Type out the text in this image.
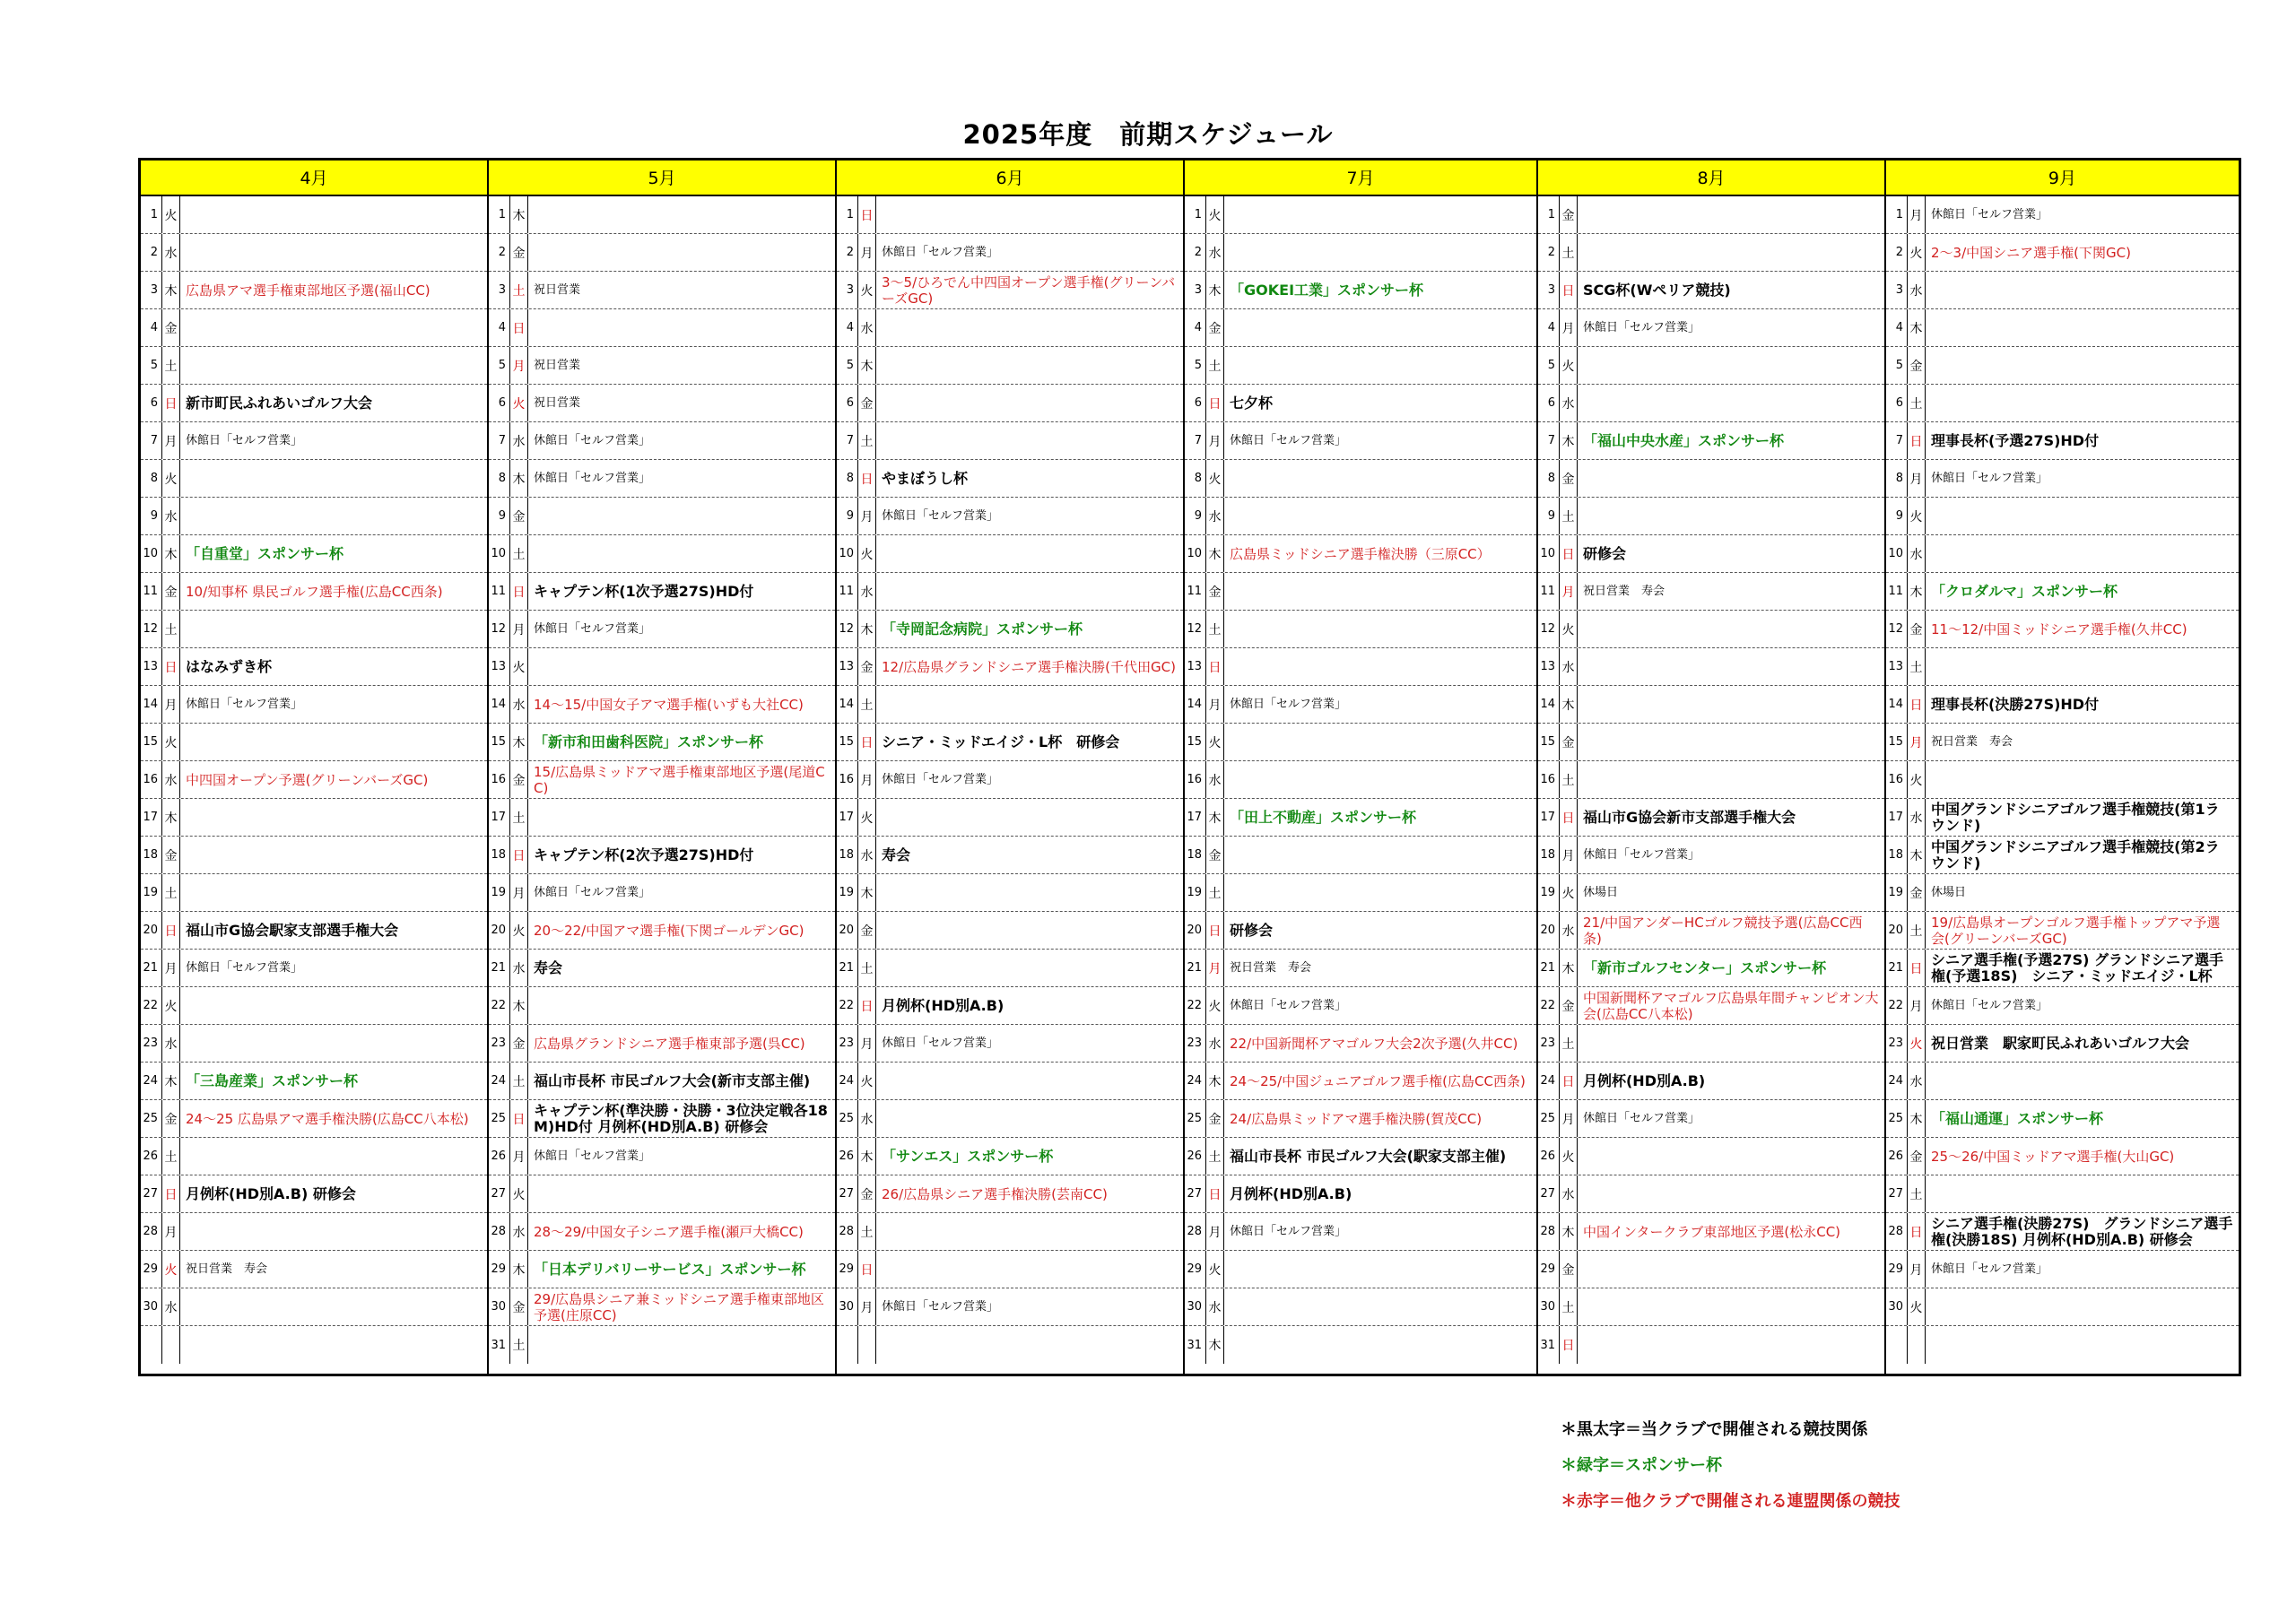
2025年度　前期スケジュール
4月
1 火
2 水
3 木 広島県アマ選手権東部地区予選(福山CC)
4 金
5 土
6 日 新市町民ふれあいゴルフ大会
7 月 休館日「セルフ営業」
8 火
9 水
10 木 「自重堂」スポンサー杯
11 金 10/知事杯 県民ゴルフ選手権(広島CC西条)
12 土
13 日 はなみずき杯
14 月 休館日「セルフ営業」
15 火
16 水 中四国オープン予選(グリーンバーズGC)
17 木
18 金
19 土
20 日 福山市G協会駅家支部選手権大会
21 月 休館日「セルフ営業」
22 火
23 水
24 木 「三島産業」スポンサー杯
25 金 24～25 広島県アマ選手権決勝(広島CC八本松)
26 土
27 日 月例杯(HD別A.B) 研修会
28 月
29 火 祝日営業　寿会
30 水
5月
1 木
2 金
3 土 祝日営業
4 日
5 月 祝日営業
6 火 祝日営業
7 水 休館日「セルフ営業」
8 木 休館日「セルフ営業」
9 金
10 土
11 日 キャプテン杯(1次予選27S)HD付
12 月 休館日「セルフ営業」
13 火
14 水 14～15/中国女子アマ選手権(いずも大社CC)
15 木 「新市和田歯科医院」スポンサー杯
16 金
15/広島県ミッドアマ選手権東部地区予選(尾道CC)
17 土
18 日 キャプテン杯(2次予選27S)HD付
19 月 休館日「セルフ営業」
20 火 20～22/中国アマ選手権(下関ゴールデンGC)
21 水 寿会
22 木
23 金 広島県グランドシニア選手権東部予選(呉CC)
24 土 福山市長杯 市民ゴルフ大会(新市支部主催)
25 日
キャプテン杯(準決勝・決勝・3位決定戦各18M)HD付 月例杯(HD別A.B) 研修会
26 月 休館日「セルフ営業」
27 火
28 水 28～29/中国女子シニア選手権(瀬戸大橋CC)
29 木 「日本デリバリーサービス」スポンサー杯
30 金
29/広島県シニア兼ミッドシニア選手権東部地区予選(庄原CC)
31 土
6月
1 日
2 月 休館日「セルフ営業」
3 火
3～5/ひろでん中四国オープン選手権(グリーンバーズGC)
4 水
5 木
6 金
7 土
8 日 やまぼうし杯
9 月 休館日「セルフ営業」
10 火
11 水
12 木 「寺岡記念病院」スポンサー杯
13 金 12/広島県グランドシニア選手権決勝(千代田GC)
14 土
15 日 シニア・ミッドエイジ・L杯　研修会
16 月 休館日「セルフ営業」
17 火
18 水 寿会
19 木
20 金
21 土
22 日 月例杯(HD別A.B)
23 月 休館日「セルフ営業」
24 火
25 水
26 木 「サンエス」スポンサー杯
27 金 26/広島県シニア選手権決勝(芸南CC)
28 土
29 日
30 月 休館日「セルフ営業」
7月
1 火
2 水
3 木 「GOKEI工業」スポンサー杯
4 金
5 土
6 日 七夕杯
7 月 休館日「セルフ営業」
8 火
9 水
10 木 広島県ミッドシニア選手権決勝（三原CC）
11 金
12 土
13 日
14 月 休館日「セルフ営業」
15 火
16 水
17 木 「田上不動産」スポンサー杯
18 金
19 土
20 日 研修会
21 月 祝日営業　寿会
22 火 休館日「セルフ営業」
23 水 22/中国新聞杯アマゴルフ大会2次予選(久井CC)
24 木 24～25/中国ジュニアゴルフ選手権(広島CC西条)
25 金 24/広島県ミッドアマ選手権決勝(賀茂CC)
26 土 福山市長杯 市民ゴルフ大会(駅家支部主催)
27 日 月例杯(HD別A.B)
28 月 休館日「セルフ営業」
29 火
30 水
31 木
8月
1 金
2 土
3 日 SCG杯(Wペリア競技)
4 月 休館日「セルフ営業」
5 火
6 水
7 木 「福山中央水産」スポンサー杯
8 金
9 土
10 日 研修会
11 月 祝日営業　寿会
12 火
13 水
14 木
15 金
16 土
17 日 福山市G協会新市支部選手権大会
18 月 休館日「セルフ営業」
19 火 休場日
20 水
21/中国アンダーHCゴルフ競技予選(広島CC西条)
21 木 「新市ゴルフセンター」スポンサー杯
22 金
中国新聞杯アマゴルフ広島県年間チャンピオン大会(広島CC八本松)
23 土
24 日 月例杯(HD別A.B)
25 月 休館日「セルフ営業」
26 火
27 水
28 木 中国インタークラブ東部地区予選(松永CC)
29 金
30 土
31 日
9月
1 月 休館日「セルフ営業」
2 火 2～3/中国シニア選手権(下関GC)
3 水
4 木
5 金
6 土
7 日 理事長杯(予選27S)HD付
8 月 休館日「セルフ営業」
9 火
10 水
11 木 「クロダルマ」スポンサー杯
12 金 11～12/中国ミッドシニア選手権(久井CC)
13 土
14 日 理事長杯(決勝27S)HD付
15 月 祝日営業　寿会
16 火
17 水
中国グランドシニアゴルフ選手権競技(第1ラウンド)
18 木
中国グランドシニアゴルフ選手権競技(第2ラウンド)
19 金 休場日
20 土
19/広島県オープンゴルフ選手権トップアマ予選会(グリーンバーズGC)
21 日
シニア選手権(予選27S) グランドシニア選手権(予選18S)　シニア・ミッドエイジ・L杯
22 月 休館日「セルフ営業」
23 火 祝日営業　駅家町民ふれあいゴルフ大会
24 水
25 木 「福山通運」スポンサー杯
26 金 25～26/中国ミッドアマ選手権(大山GC)
27 土
28 日
シニア選手権(決勝27S)　グランドシニア選手権(決勝18S) 月例杯(HD別A.B) 研修会
29 月 休館日「セルフ営業」
30 火
＊黒太字＝当クラブで開催される競技関係
＊緑字＝スポンサー杯
＊赤字＝他クラブで開催される連盟関係の競技
